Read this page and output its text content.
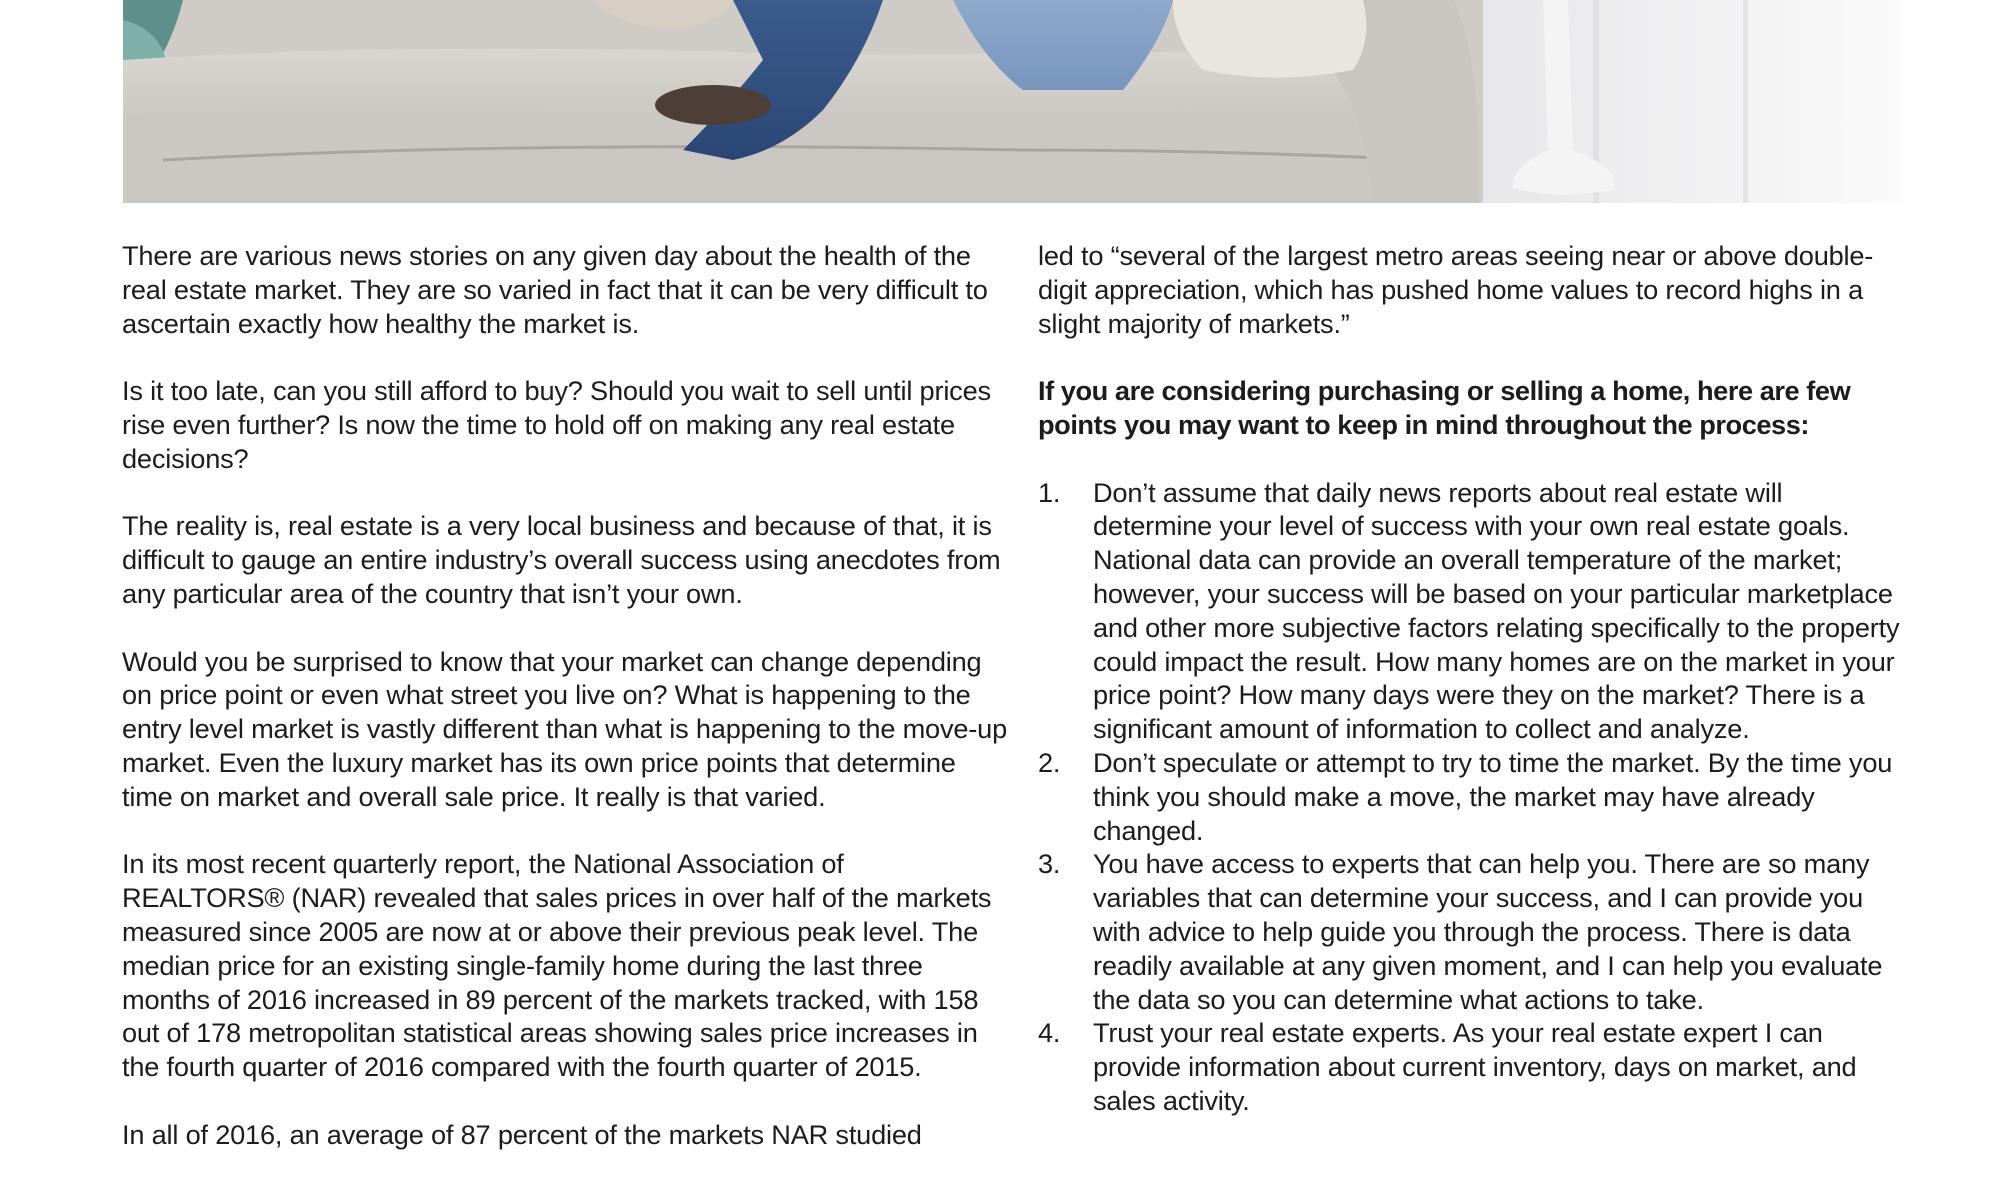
There are various news stories on any given day about the health of the real estate market. They are so varied in fact that it can be very difficult to ascertain exactly how healthy the market is.

Is it too late, can you still afford to buy? Should you wait to sell until prices rise even further? Is now the time to hold off on making any real estate decisions?

The reality is, real estate is a very local business and because of that, it is difficult to gauge an entire industry’s overall success using anecdotes from any particular area of the country that isn’t your own.

Would you be surprised to know that your market can change depending on price point or even what street you live on? What is happening to the entry level market is vastly different than what is happening to the move-up market. Even the luxury market has its own price points that determine time on market and overall sale price. It really is that varied.

In its most recent quarterly report, the National Association of REALTORS® (NAR) revealed that sales prices in over half of the markets measured since 2005 are now at or above their previous peak level. The median price for an existing single-family home during the last three months of 2016 increased in 89 percent of the markets tracked, with 158 out of 178 metropolitan statistical areas showing sales price increases in the fourth quarter of 2016 compared with the fourth quarter of 2015.

In all of 2016, an average of 87 percent of the markets NAR studied

led to “several of the largest metro areas seeing near or above double-digit appreciation, which has pushed home values to record highs in a slight majority of markets.”

If you are considering purchasing or selling a home, here are few points you may want to keep in mind throughout the process:

1. Don’t assume that daily news reports about real estate will determine your level of success with your own real estate goals. National data can provide an overall temperature of the market; however, your success will be based on your particular marketplace and other more subjective factors relating specifically to the property could impact the result. How many homes are on the market in your price point? How many days were they on the market? There is a significant amount of information to collect and analyze.
2. Don’t speculate or attempt to try to time the market. By the time you think you should make a move, the market may have already changed.
3. You have access to experts that can help you. There are so many variables that can determine your success, and I can provide you with advice to help guide you through the process. There is data readily available at any given moment, and I can help you evaluate the data so you can determine what actions to take.
4. Trust your real estate experts. As your real estate expert I can provide information about current inventory, days on market, and sales activity.
